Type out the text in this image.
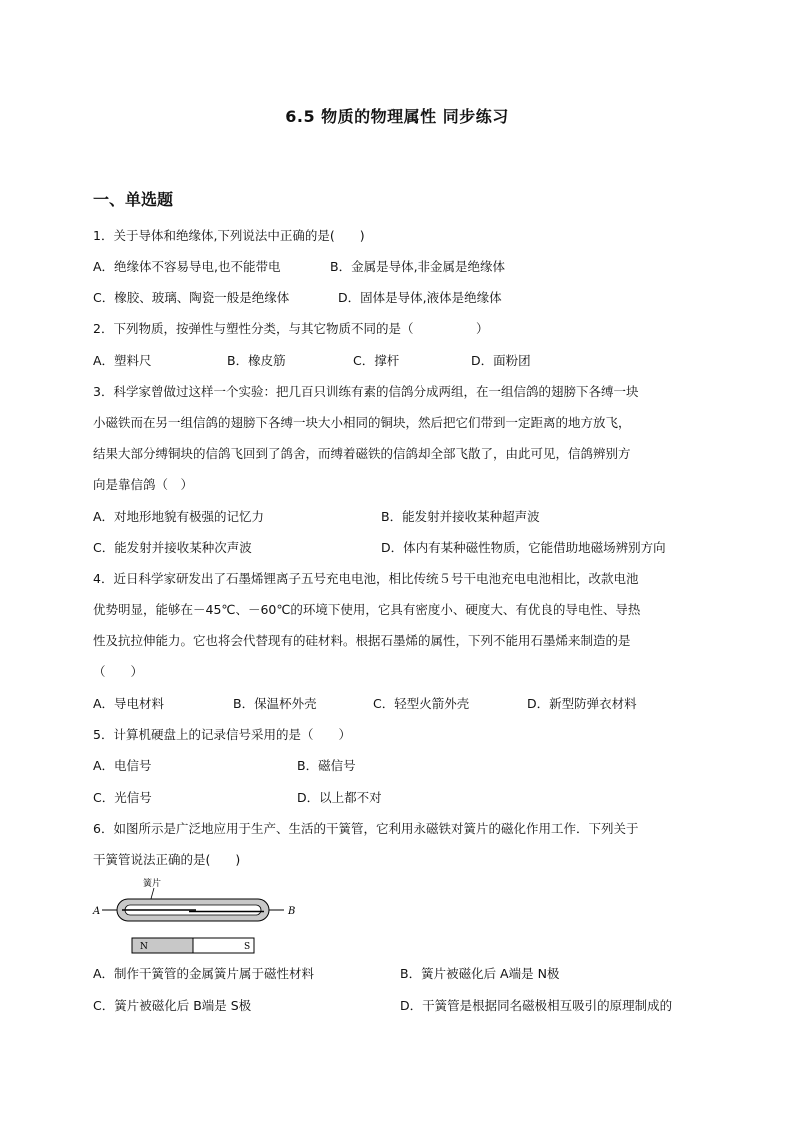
6.5 物质的物理属性 同步练习
一、单选题
1．关于导体和绝缘体,下列说法中正确的是(　　)
A．绝缘体不容易导电,也不能带电	B．金属是导体,非金属是绝缘体
C．橡胶、玻璃、陶瓷一般是绝缘体	D．固体是导体,液体是绝缘体
2．下列物质，按弹性与塑性分类，与其它物质不同的是（　　　　　）
A．塑料尺	B．橡皮筋	C．撑杆	D．面粉团
3．科学家曾做过这样一个实验：把几百只训练有素的信鸽分成两组，在一组信鸽的翅膀下各缚一块
小磁铁而在另一组信鸽的翅膀下各缚一块大小相同的铜块，然后把它们带到一定距离的地方放飞，
结果大部分缚铜块的信鸽飞回到了鸽舍，而缚着磁铁的信鸽却全部飞散了，由此可见，信鸽辨别方
向是靠信鸽（　）
A．对地形地貌有极强的记忆力	B．能发射并接收某种超声波
C．能发射并接收某种次声波	D．体内有某种磁性物质，它能借助地磁场辨别方向
4．近日科学家研发出了石墨烯锂离子五号充电电池，相比传统５号干电池充电电池相比，改款电池
优势明显，能够在－45℃、－60℃的环境下使用，它具有密度小、硬度大、有优良的导电性、导热
性及抗拉伸能力。它也将会代替现有的硅材料。根据石墨烯的属性，下列不能用石墨烯来制造的是
（　　）
A．导电材料	B．保温杯外壳	C．轻型火箭外壳	D．新型防弹衣材料
5．计算机硬盘上的记录信号采用的是（　　）
A．电信号	B．磁信号
C．光信号	D．以上都不对
6．如图所示是广泛地应用于生产、生活的干簧管，它利用永磁铁对簧片的磁化作用工作．下列关于
干簧管说法正确的是(　　)
簧片
A	B
N	S
A．制作干簧管的金属簧片属于磁性材料	B．簧片被磁化后 A端是 N极
C．簧片被磁化后 B端是 S极	D．干簧管是根据同名磁极相互吸引的原理制成的
